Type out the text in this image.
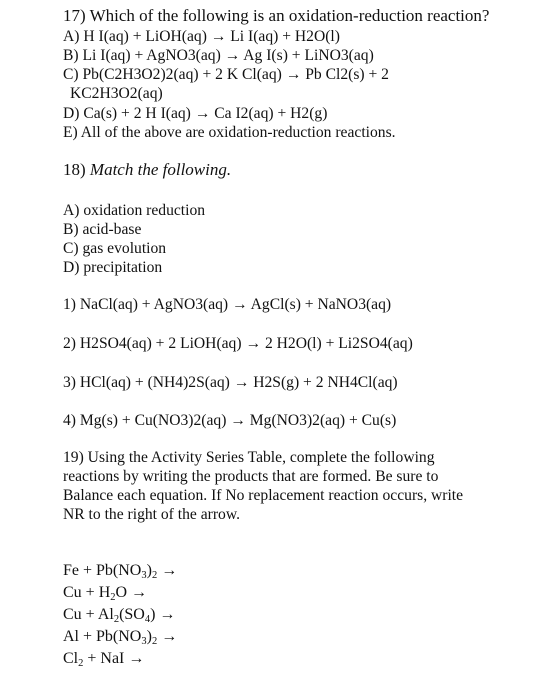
17) Which of the following is an oxidation-reduction reaction?
A) H I(aq) + LiOH(aq) → Li I(aq) + H2O(l)
B) Li I(aq) + AgNO3(aq) → Ag I(s) + LiNO3(aq)
C) Pb(C2H3O2)2(aq) + 2 K Cl(aq) → Pb Cl2(s) + 2
KC2H3O2(aq)
D) Ca(s) + 2 H I(aq) → Ca I2(aq) + H2(g)
E) All of the above are oxidation-reduction reactions.
18) Match the following.
A) oxidation reduction
B) acid-base
C) gas evolution
D) precipitation
1) NaCl(aq) + AgNO3(aq) → AgCl(s) + NaNO3(aq)
2) H2SO4(aq) + 2 LiOH(aq) → 2 H2O(l) + Li2SO4(aq)
3) HCl(aq) + (NH4)2S(aq) → H2S(g) + 2 NH4Cl(aq)
4) Mg(s) + Cu(NO3)2(aq) → Mg(NO3)2(aq) + Cu(s)
19) Using the Activity Series Table, complete the following
reactions by writing the products that are formed. Be sure to
Balance each equation. If No replacement reaction occurs, write
NR to the right of the arrow.
$Fe + Pb(NO_3)_2$ →
$Cu + H_2O$ →
$Cu + Al_2(SO_4)$ →
$Al + Pb(NO_3)_2$ →
$Cl_2$ + NaI →
